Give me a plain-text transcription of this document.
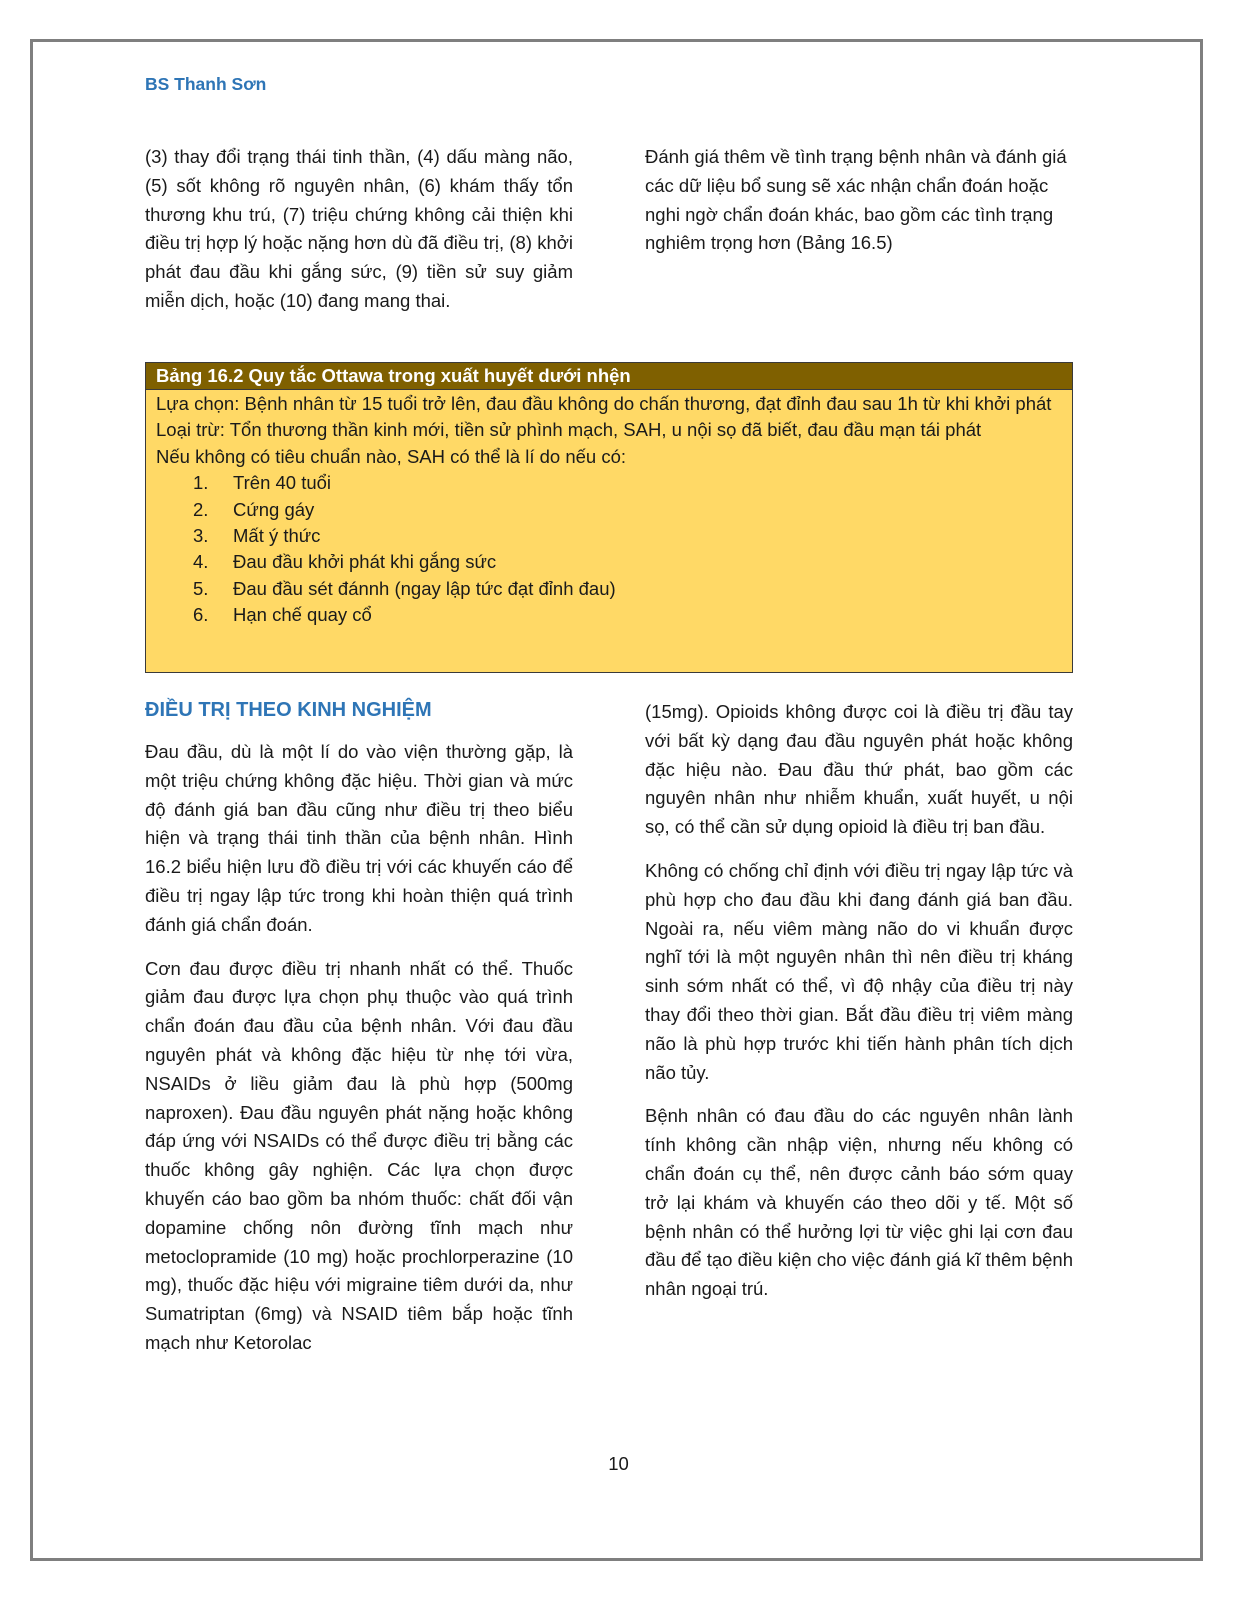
BS Thanh Sơn

(3) thay đổi trạng thái tinh thần, (4) dấu màng não, (5) sốt không rõ nguyên nhân, (6) khám thấy tổn thương khu trú, (7) triệu chứng không cải thiện khi điều trị hợp lý hoặc nặng hơn dù đã điều trị, (8) khởi phát đau đầu khi gắng sức, (9) tiền sử suy giảm miễn dịch, hoặc (10) đang mang thai.

Đánh giá thêm về tình trạng bệnh nhân và đánh giá các dữ liệu bổ sung sẽ xác nhận chẩn đoán hoặc nghi ngờ chẩn đoán khác, bao gồm các tình trạng nghiêm trọng hơn (Bảng 16.5)

Bảng 16.2 Quy tắc Ottawa trong xuất huyết dưới nhện

Lựa chọn: Bệnh nhân từ 15 tuổi trở lên, đau đầu không do chấn thương, đạt đỉnh đau sau 1h từ khi khởi phát

Loại trừ: Tổn thương thần kinh mới, tiền sử phình mạch, SAH, u nội sọ đã biết, đau đầu mạn tái phát

Nếu không có tiêu chuẩn nào, SAH có thể là lí do nếu có:

1.	Trên 40 tuổi
2.	Cứng gáy
3.	Mất ý thức
4.	Đau đầu khởi phát khi gắng sức
5.	Đau đầu sét đánnh (ngay lập tức đạt đỉnh đau)
6.	Hạn chế quay cổ
ĐIỀU TRỊ THEO KINH NGHIỆM

Đau đầu, dù là một lí do vào viện thường gặp, là một triệu chứng không đặc hiệu. Thời gian và mức độ đánh giá ban đầu cũng như điều trị theo biểu hiện và trạng thái tinh thần của bệnh nhân. Hình 16.2 biểu hiện lưu đồ điều trị với các khuyến cáo để điều trị ngay lập tức trong khi hoàn thiện quá trình đánh giá chẩn đoán.

Cơn đau được điều trị nhanh nhất có thể. Thuốc giảm đau được lựa chọn phụ thuộc vào quá trình chẩn đoán đau đầu của bệnh nhân. Với đau đầu nguyên phát và không đặc hiệu từ nhẹ tới vừa, NSAIDs ở liều giảm đau là phù hợp (500mg naproxen). Đau đầu nguyên phát nặng hoặc không đáp ứng với NSAIDs có thể được điều trị bằng các thuốc không gây nghiện. Các lựa chọn được khuyến cáo bao gồm ba nhóm thuốc: chất đối vận dopamine chống nôn đường tĩnh mạch như metoclopramide (10 mg) hoặc prochlorperazine (10 mg), thuốc đặc hiệu với migraine tiêm dưới da, như Sumatriptan (6mg) và NSAID tiêm bắp hoặc tĩnh mạch như Ketorolac

(15mg). Opioids không được coi là điều trị đầu tay với bất kỳ dạng đau đầu nguyên phát hoặc không đặc hiệu nào. Đau đầu thứ phát, bao gồm các nguyên nhân như nhiễm khuẩn, xuất huyết, u nội sọ, có thể cần sử dụng opioid là điều trị ban đầu.

Không có chống chỉ định với điều trị ngay lập tức và phù hợp cho đau đầu khi đang đánh giá ban đầu. Ngoài ra, nếu viêm màng não do vi khuẩn được nghĩ tới là một nguyên nhân thì nên điều trị kháng sinh sớm nhất có thể, vì độ nhậy của điều trị này thay đổi theo thời gian. Bắt đầu điều trị viêm màng não là phù hợp trước khi tiến hành phân tích dịch não tủy.

Bệnh nhân có đau đầu do các nguyên nhân lành tính không cần nhập viện, nhưng nếu không có chẩn đoán cụ thể, nên được cảnh báo sớm quay trở lại khám và khuyến cáo theo dõi y tế. Một số bệnh nhân có thể hưởng lợi từ việc ghi lại cơn đau đầu để tạo điều kiện cho việc đánh giá kĩ thêm bệnh nhân ngoại trú.

10
